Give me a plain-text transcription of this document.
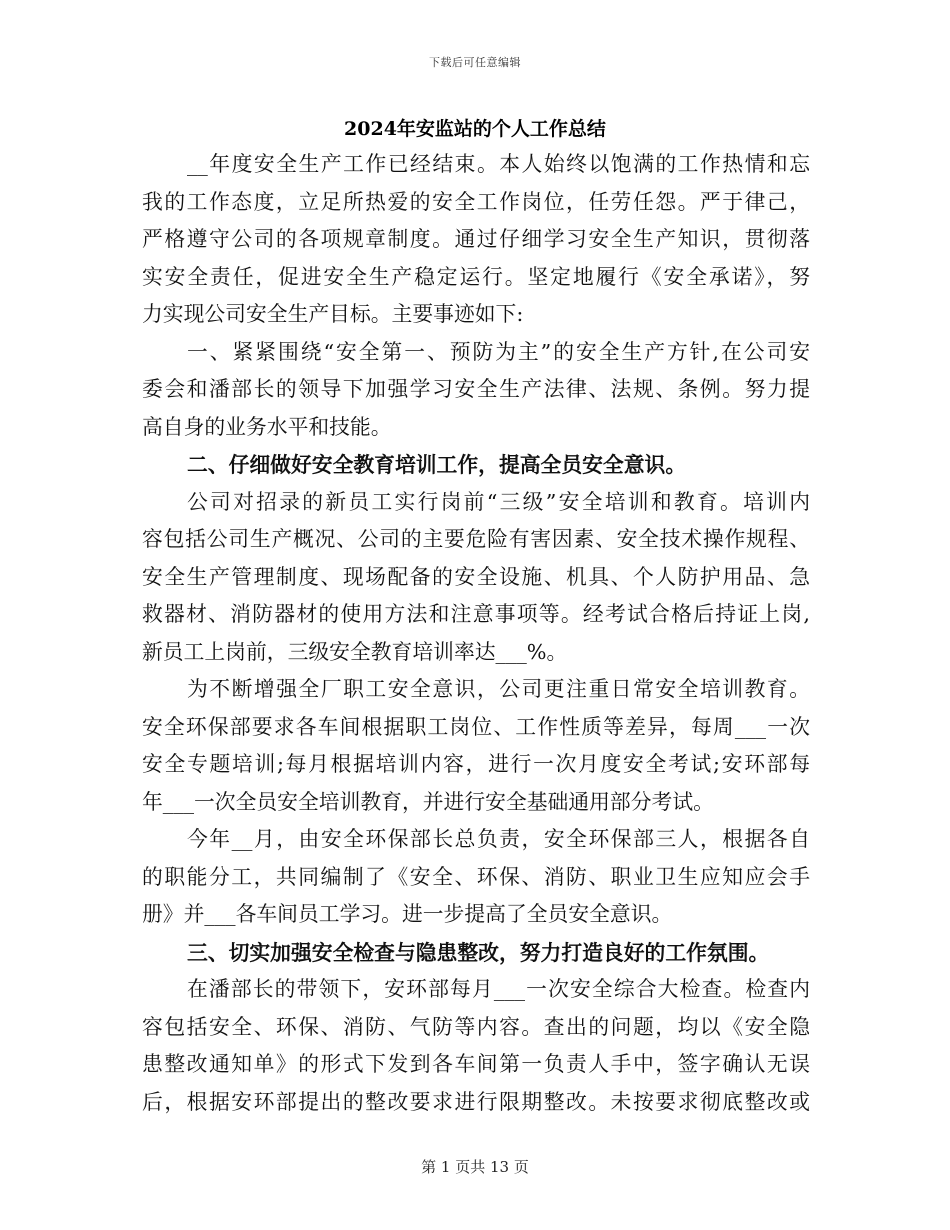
下载后可任意编辑
2024年安监站的个人工作总结
__年度安全生产工作已经结束。本人始终以饱满的工作热情和忘
我的工作态度，立足所热爱的安全工作岗位，任劳任怨。严于律己，
严格遵守公司的各项规章制度。通过仔细学习安全生产知识，贯彻落
实安全责任，促进安全生产稳定运行。坚定地履行《安全承诺》，努
力实现公司安全生产目标。主要事迹如下:
一、紧紧围绕“安全第一、预防为主”的安全生产方针,在公司安
委会和潘部长的领导下加强学习安全生产法律、法规、条例。努力提
高自身的业务水平和技能。
二、仔细做好安全教育培训工作，提高全员安全意识。
公司对招录的新员工实行岗前“三级”安全培训和教育。培训内
容包括公司生产概况、公司的主要危险有害因素、安全技术操作规程、
安全生产管理制度、现场配备的安全设施、机具、个人防护用品、急
救器材、消防器材的使用方法和注意事项等。经考试合格后持证上岗,
新员工上岗前，三级安全教育培训率达___%。
为不断增强全厂职工安全意识，公司更注重日常安全培训教育。
安全环保部要求各车间根据职工岗位、工作性质等差异，每周___一次
安全专题培训;每月根据培训内容，进行一次月度安全考试;安环部每
年___一次全员安全培训教育，并进行安全基础通用部分考试。
今年__月，由安全环保部长总负责，安全环保部三人，根据各自
的职能分工，共同编制了《安全、环保、消防、职业卫生应知应会手
册》并___各车间员工学习。进一步提高了全员安全意识。
三、切实加强安全检查与隐患整改，努力打造良好的工作氛围。
在潘部长的带领下，安环部每月___一次安全综合大检查。检查内
容包括安全、环保、消防、气防等内容。查出的问题，均以《安全隐
患整改通知单》的形式下发到各车间第一负责人手中，签字确认无误
后，根据安环部提出的整改要求进行限期整改。未按要求彻底整改或
第 1 页共 13 页
